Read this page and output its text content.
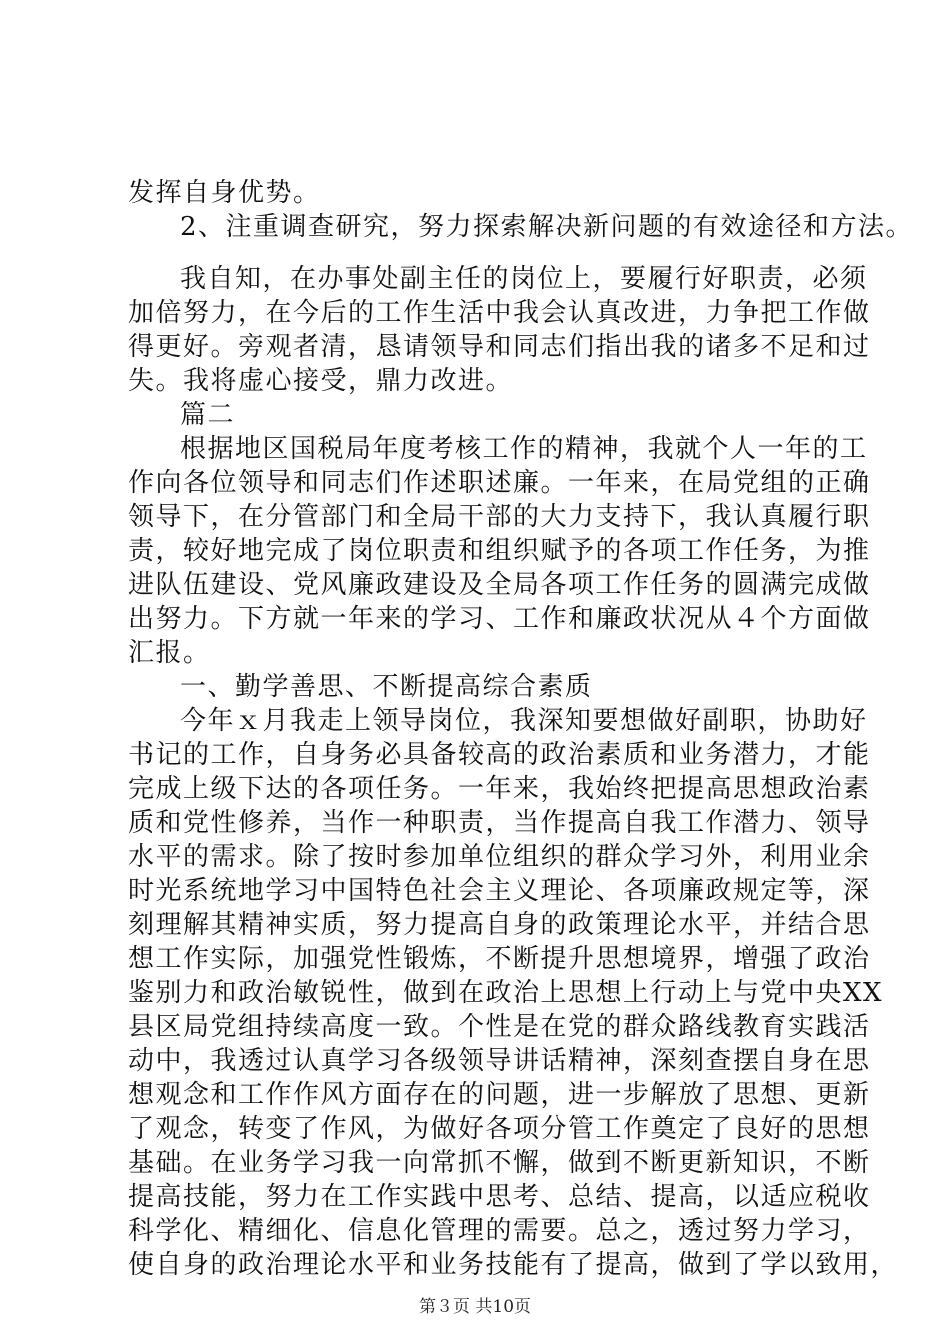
发挥自身优势。
2、注重调查研究，努力探索解决新问题的有效途径和方法。
我自知，在办事处副主任的岗位上，要履行好职责，必须
加倍努力，在今后的工作生活中我会认真改进，力争把工作做
得更好。旁观者清，恳请领导和同志们指出我的诸多不足和过
失。我将虚心接受，鼎力改进。
篇二
根据地区国税局年度考核工作的精神，我就个人一年的工
作向各位领导和同志们作述职述廉。一年来，在局党组的正确
领导下，在分管部门和全局干部的大力支持下，我认真履行职
责，较好地完成了岗位职责和组织赋予的各项工作任务，为推
进队伍建设、党风廉政建设及全局各项工作任务的圆满完成做
出努力。下方就一年来的学习、工作和廉政状况从４个方面做
汇报。
一、勤学善思、不断提高综合素质
今年ｘ月我走上领导岗位，我深知要想做好副职，协助好
书记的工作，自身务必具备较高的政治素质和业务潜力，才能
完成上级下达的各项任务。一年来，我始终把提高思想政治素
质和党性修养，当作一种职责，当作提高自我工作潜力、领导
水平的需求。除了按时参加单位组织的群众学习外，利用业余
时光系统地学习中国特色社会主义理论、各项廉政规定等，深
刻理解其精神实质，努力提高自身的政策理论水平，并结合思
想工作实际，加强党性锻炼，不断提升思想境界，增强了政治
鉴别力和政治敏锐性，做到在政治上思想上行动上与党中央XX
县区局党组持续高度一致。个性是在党的群众路线教育实践活
动中，我透过认真学习各级领导讲话精神，深刻查摆自身在思
想观念和工作作风方面存在的问题，进一步解放了思想、更新
了观念，转变了作风，为做好各项分管工作奠定了良好的思想
基础。在业务学习我一向常抓不懈，做到不断更新知识，不断
提高技能，努力在工作实践中思考、总结、提高，以适应税收
科学化、精细化、信息化管理的需要。总之，透过努力学习，
使自身的政治理论水平和业务技能有了提高，做到了学以致用，
第３页 共10页
